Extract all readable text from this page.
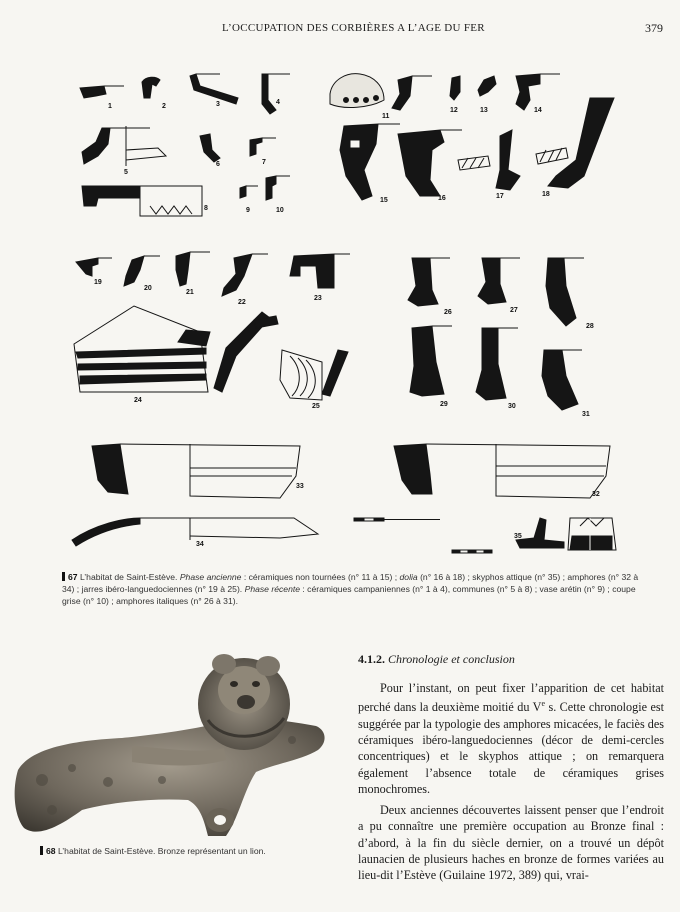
L’OCCUPATION DES CORBIÈRES A L’AGE DU FER	379
1	2	3	4
5
6	7
8	9	10
11
12	13	14
15	16	17	18
19
20
21
22
23
24
25
26	27
28
29	30
31
32
33
34
35
67 L’habitat de Saint-Estève. Phase ancienne : céramiques non tournées (n° 11 à 15) ; dolia (n° 16 à 18) ; skyphos attique (n° 35) ; amphores (n° 32 à 34) ; jarres ibéro-languedociennes (n° 19 à 25). Phase récente : céramiques campaniennes (n° 1 à 4), communes (n° 5 à 8) ; vase arétin (n° 9) ; coupe grise (n° 10) ; amphores italiques (n° 26 à 31).
68 L’habitat de Saint-Estève. Bronze représentant un lion.
4.1.2. Chronologie et conclusion

Pour l’instant, on peut fixer l’apparition de cet habitat perché dans la deuxième moitié du Ve s. Cette chronologie est suggérée par la typologie des amphores micacées, le faciès des céramiques ibéro-languedociennes (décor de demi-cercles concentriques) et le skyphos attique ; on remarquera également l’absence totale de céramiques grises monochromes.

Deux anciennes découvertes laissent penser que l’endroit a pu connaître une première occupation au Bronze final : d’abord, à la fin du siècle dernier, on a trouvé un dépôt launacien de plusieurs haches en bronze de formes variées au lieu-dit l’Estève (Guilaine 1972, 389) qui, vrai-
